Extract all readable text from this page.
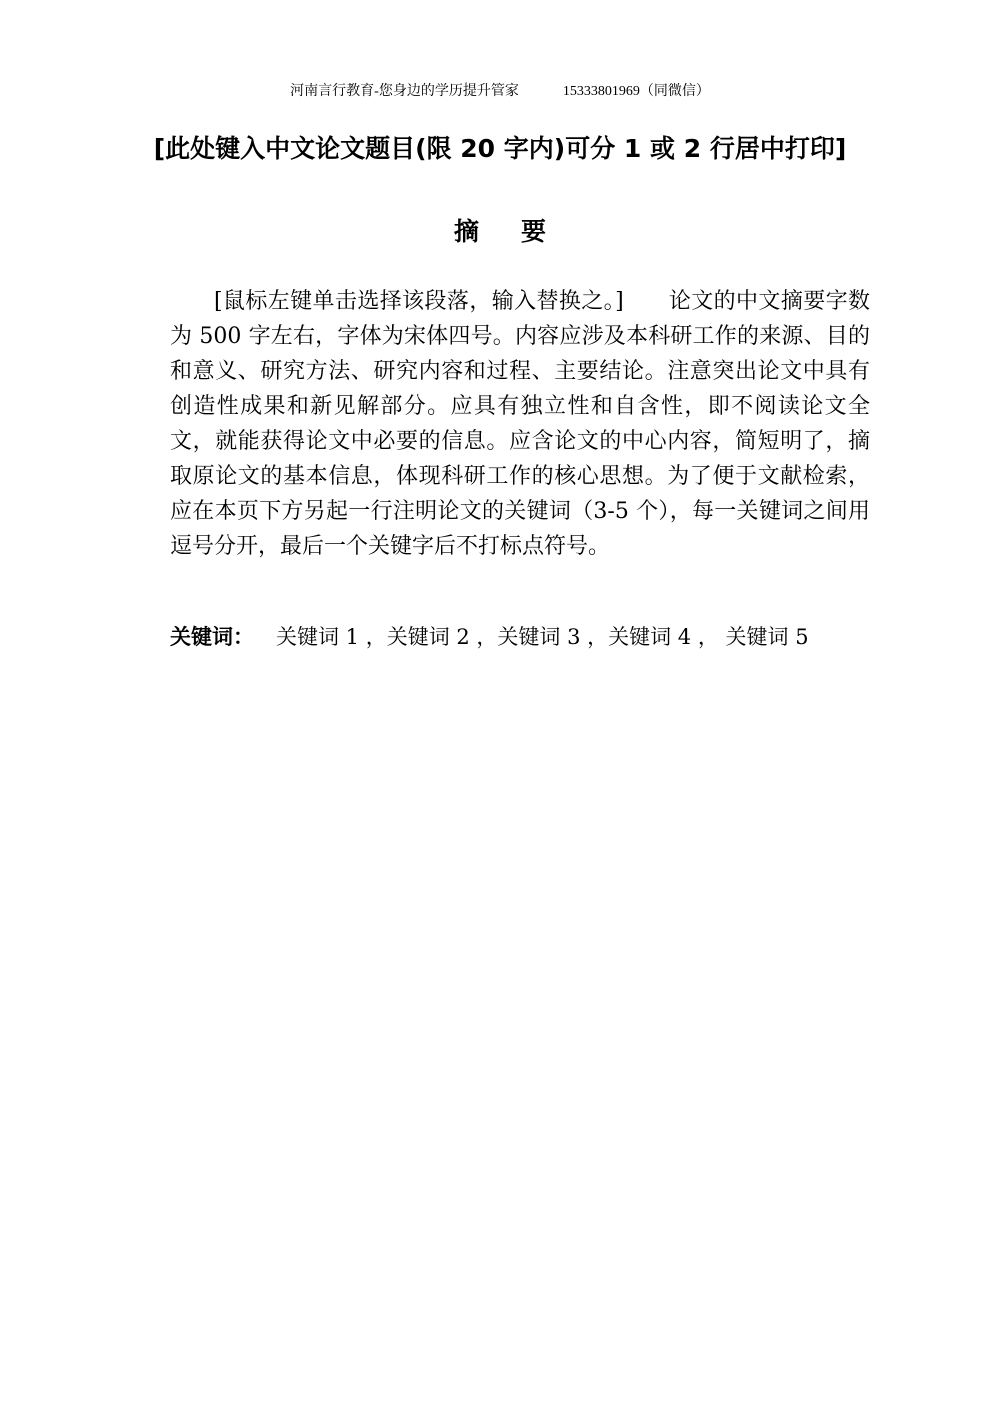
河南言行教育-您身边的学历提升管家	15333801969（同微信）
[此处键入中文论文题目(限 20 字内)可分 1 或 2 行居中打印]
摘要
[鼠标左键单击选择该段落，输入替换之。]　　论文的中文摘要字数为 500 字左右，字体为宋体四号。内容应涉及本科研工作的来源、目的和意义、研究方法、研究内容和过程、主要结论。注意突出论文中具有创造性成果和新见解部分。应具有独立性和自含性，即不阅读论文全文，就能获得论文中必要的信息。应含论文的中心内容，简短明了，摘取原论文的基本信息，体现科研工作的核心思想。为了便于文献检索，应在本页下方另起一行注明论文的关键词（3-5 个），每一关键词之间用逗号分开，最后一个关键字后不打标点符号。
关键词： 关键词 1 ，关键词 2 ，关键词 3 ，关键词 4 ， 关键词 5
